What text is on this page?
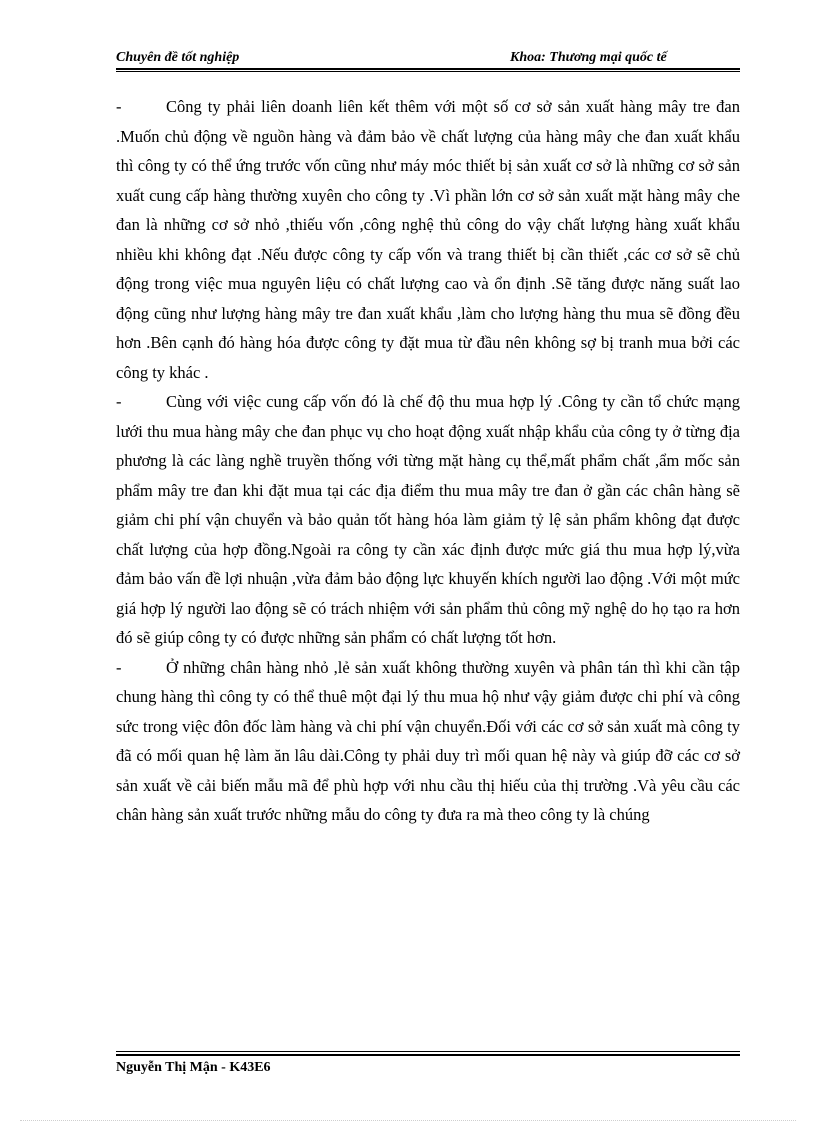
Chuyên đề tốt nghiệp	Khoa: Thương mại quốc tế
-	Công ty phải liên doanh liên kết thêm với một số cơ sở sản xuất hàng mây tre đan .Muốn chủ động về nguồn hàng và đảm bảo về chất lượng của hàng mây che đan xuất khẩu thì công ty có thể ứng trước vốn cũng như máy móc thiết bị sản xuất cơ sở là những cơ sở sản xuất cung cấp hàng thường xuyên cho công ty .Vì phần lớn cơ sở sản xuất mặt hàng mây che đan là những cơ sở nhỏ ,thiếu vốn ,công nghệ thủ công do vậy chất lượng hàng xuất khẩu nhiều khi không đạt .Nếu được công ty cấp vốn và trang thiết bị cần thiết ,các cơ sở sẽ chủ động trong việc mua nguyên liệu có chất lượng cao và ổn định .Sẽ tăng được năng suất lao động cũng như lượng hàng mây tre đan xuất khẩu ,làm cho lượng hàng thu mua sẽ đồng đều hơn .Bên cạnh đó hàng hóa được công ty đặt mua từ đầu nên không sợ bị tranh mua bởi các công ty khác .

-	Cùng với việc cung cấp vốn đó là chế độ thu mua hợp lý .Công ty cần tổ chức mạng lưới thu mua hàng mây che đan phục vụ cho hoạt động xuất nhập khẩu của công ty ở từng địa phương là các làng nghề truyền thống với từng mặt hàng cụ thể,mất phẩm chất ,ẩm mốc sản phẩm mây tre đan khi đặt mua tại các địa điểm thu mua mây tre đan ở gần các chân hàng sẽ giảm chi phí vận chuyển và bảo quản tốt hàng hóa làm giảm tỷ lệ sản phẩm không đạt được chất lượng của hợp đồng.Ngoài ra công ty cần xác định được mức giá thu mua hợp lý,vừa đảm bảo vấn đề lợi nhuận ,vừa đảm bảo động lực khuyến khích người lao động .Với một mức giá hợp lý người lao động sẽ có trách nhiệm với sản phẩm thủ công mỹ nghệ do họ tạo ra hơn đó sẽ giúp công ty có được những sản phẩm có chất lượng tốt hơn.

-	Ở những chân hàng nhỏ ,lẻ sản xuất không thường xuyên và phân tán thì khi cần tập chung hàng thì công ty có thể thuê một đại lý thu mua hộ như vậy giảm được chi phí và công sức trong việc đôn đốc làm hàng và chi phí vận chuyển.Đối với các cơ sở sản xuất mà công ty đã có mối quan hệ làm ăn lâu dài.Công ty phải duy trì mối quan hệ này và giúp đỡ các cơ sở sản xuất về cải biến mẫu mã để phù hợp với nhu cầu thị hiếu của thị trường .Và yêu cầu các chân hàng sản xuất trước những mẫu do công ty đưa ra mà theo công ty là chúng

Nguyễn Thị Mận - K43E6
